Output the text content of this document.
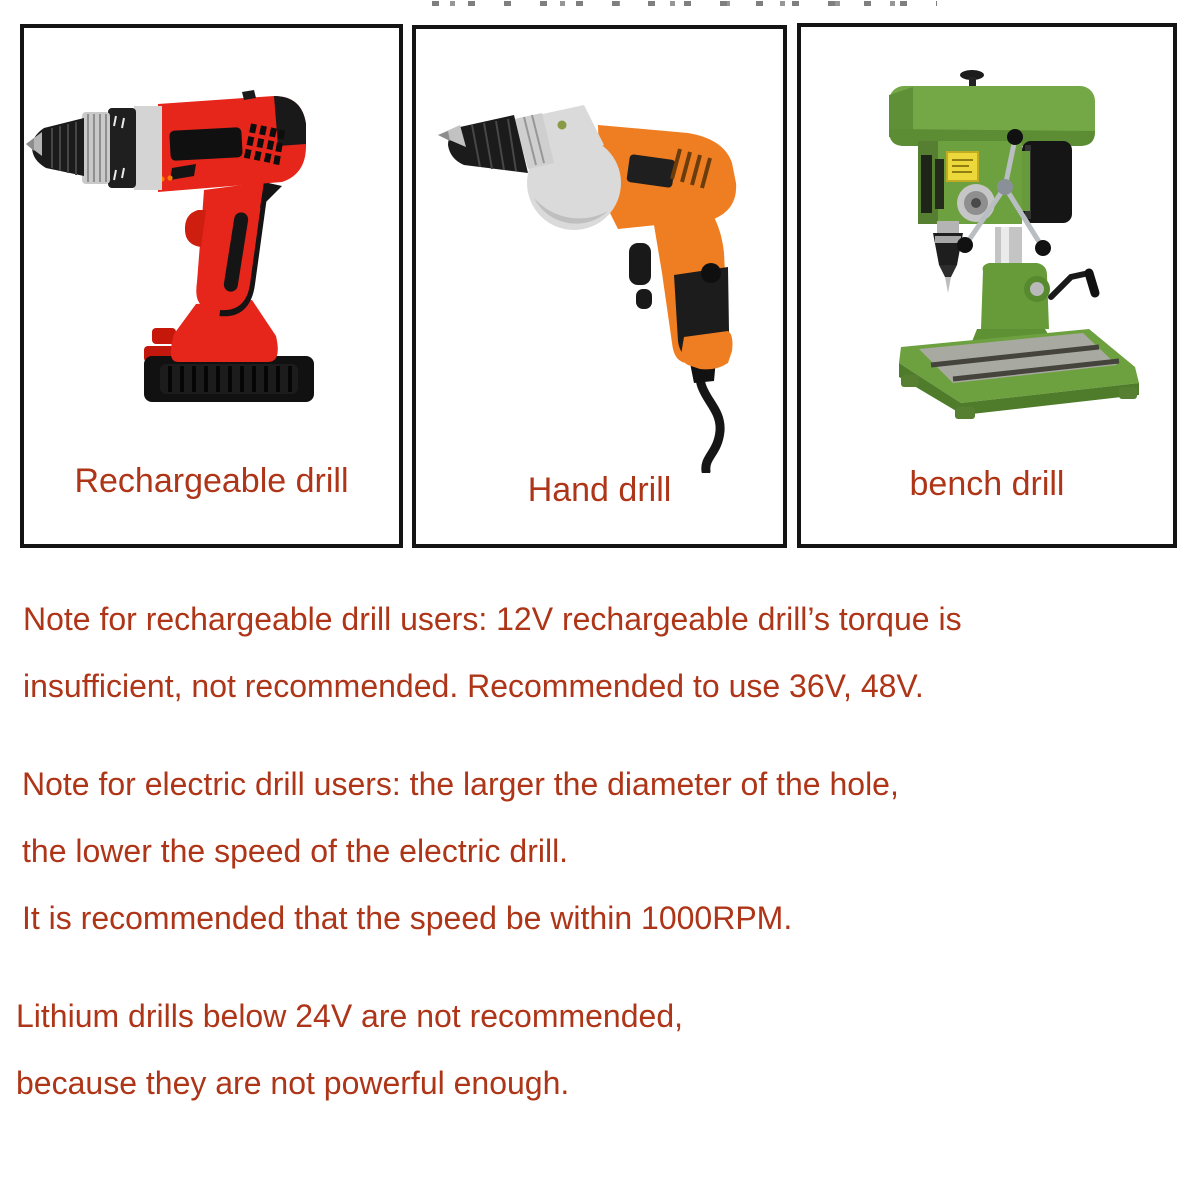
Rechargeable drill	Hand drill	bench drill
Note for rechargeable drill users: 12V rechargeable drill’s torque is
insufficient, not recommended. Recommended to use 36V, 48V.
Note for electric drill users: the larger the diameter of the hole,
the lower the speed of the electric drill.
It is recommended that the speed be within 1000RPM.
Lithium drills below 24V are not recommended,
because they are not powerful enough.
